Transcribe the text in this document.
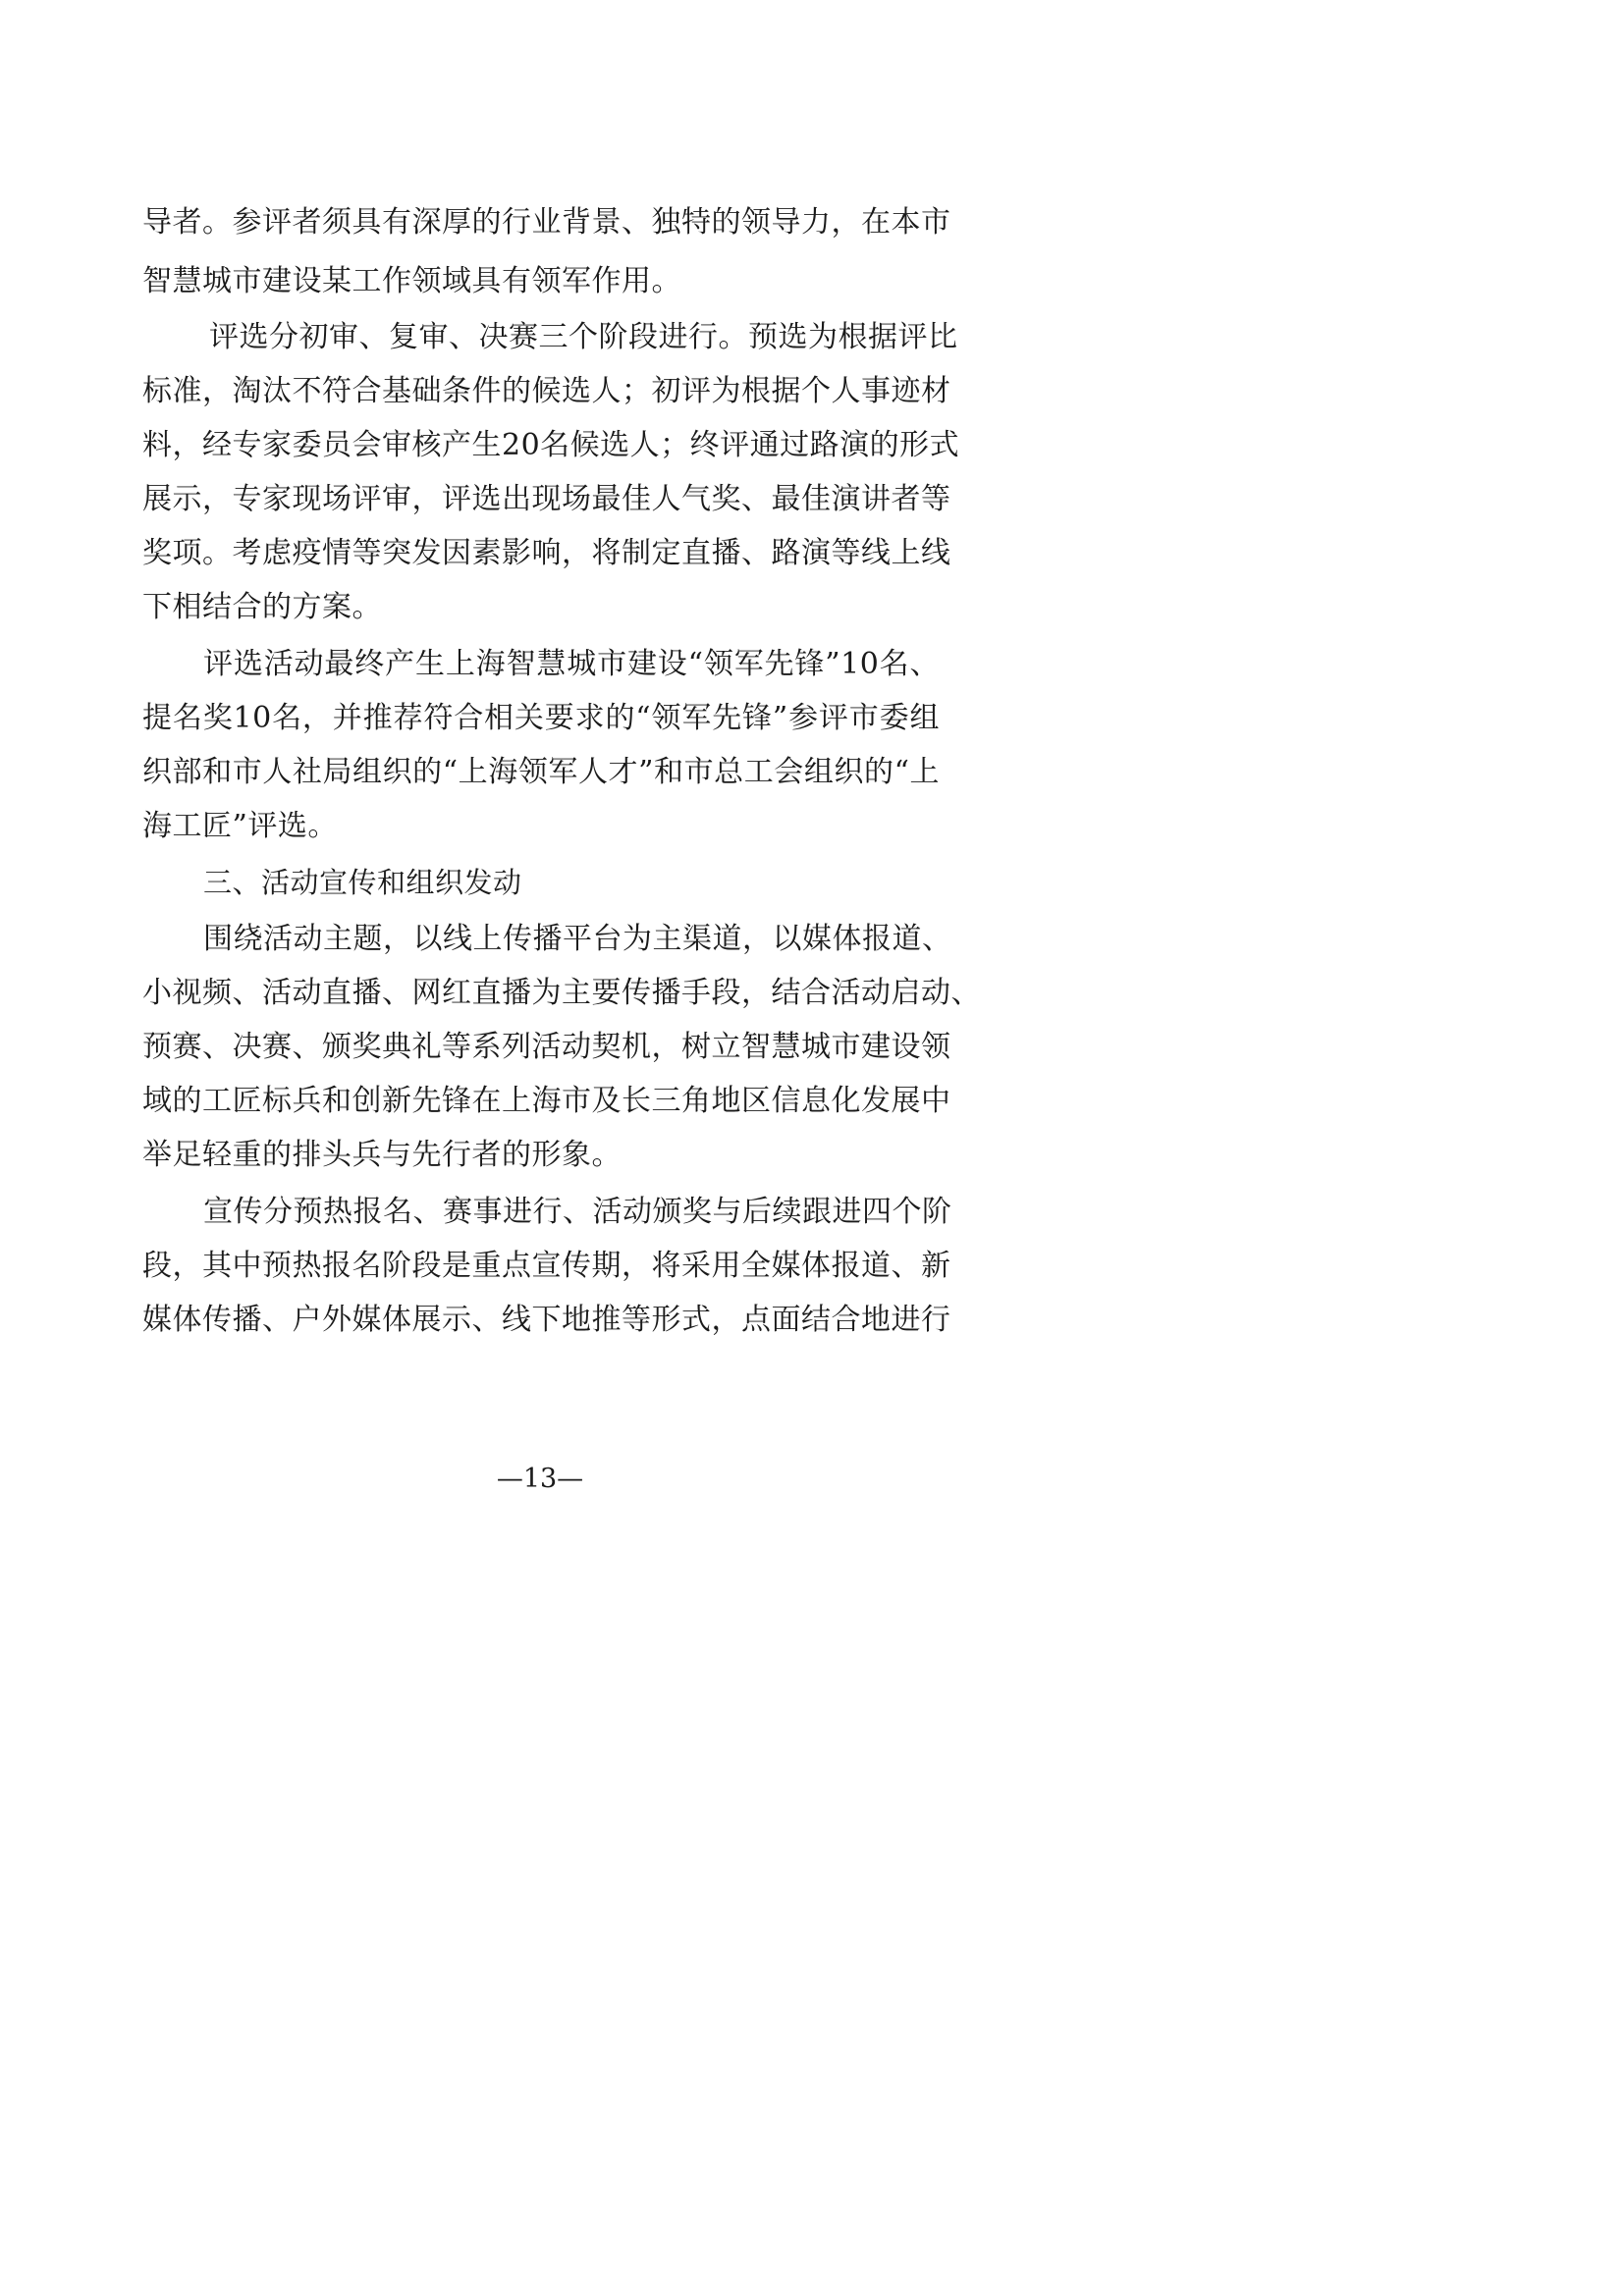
导者。参评者须具有深厚的行业背景、独特的领导力，在本市
智慧城市建设某工作领域具有领军作用。
评选分初审、复审、决赛三个阶段进行。预选为根据评比
标准，淘汰不符合基础条件的候选人；初评为根据个人事迹材
料，经专家委员会审核产生20名候选人；终评通过路演的形式
展示，专家现场评审，评选出现场最佳人气奖、最佳演讲者等
奖项。考虑疫情等突发因素影响，将制定直播、路演等线上线
下相结合的方案。
评选活动最终产生上海智慧城市建设“领军先锋”10名、
提名奖10名，并推荐符合相关要求的“领军先锋”参评市委组
织部和市人社局组织的“上海领军人才”和市总工会组织的“上
海工匠”评选。
三、活动宣传和组织发动
围绕活动主题，以线上传播平台为主渠道，以媒体报道、
小视频、活动直播、网红直播为主要传播手段，结合活动启动、
预赛、决赛、颁奖典礼等系列活动契机，树立智慧城市建设领
域的工匠标兵和创新先锋在上海市及长三角地区信息化发展中
举足轻重的排头兵与先行者的形象。
宣传分预热报名、赛事进行、活动颁奖与后续跟进四个阶
段，其中预热报名阶段是重点宣传期，将采用全媒体报道、新
媒体传播、户外媒体展示、线下地推等形式，点面结合地进行
—13—
